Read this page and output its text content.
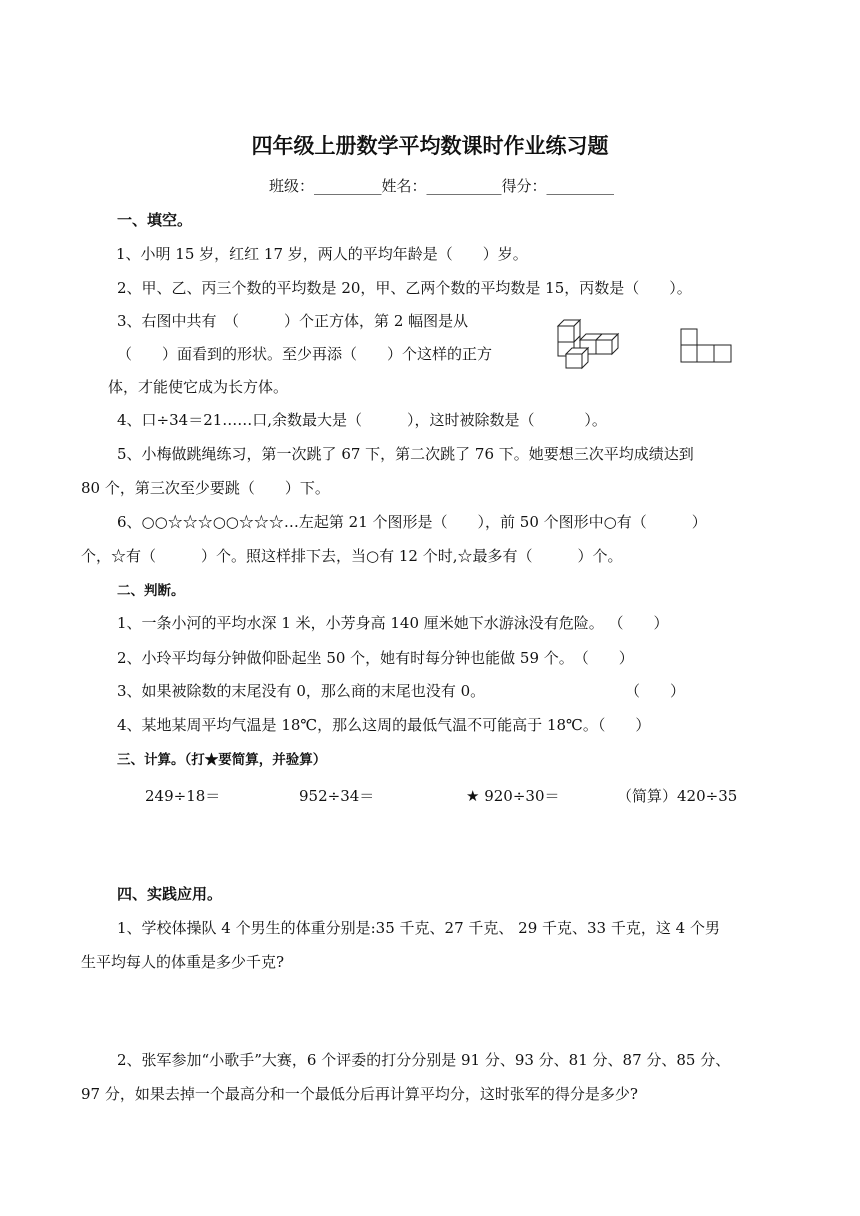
四年级上册数学平均数课时作业练习题
班级：_________姓名：__________得分：_________
一、填空。
1、小明 15 岁，红红 17 岁，两人的平均年龄是（　　）岁。
2、甲、乙、丙三个数的平均数是 20，甲、乙两个数的平均数是 15，丙数是（　　）。
3、右图中共有　（　　　）个正方体，第 2 幅图是从
（　　）面看到的形状。至少再添（　　）个这样的正方
体，才能使它成为长方体。
4、口÷34＝21……口,余数最大是（　　　），这时被除数是（　　　 ）。
5、小梅做跳绳练习，第一次跳了 67 下，第二次跳了 76 下。她要想三次平均成绩达到
80 个，第三次至少要跳（　　）下。
6、○○☆☆☆○○☆☆☆…左起第 21 个图形是（　　），前 50 个图形中○有（　　　）
个，☆有（　　　）个。照这样排下去，当○有 12 个时,☆最多有（　　　）个。
二、判断。
1、一条小河的平均水深 1 米，小芳身高 140 厘米她下水游泳没有危险。 （　　）
2、小玲平均每分钟做仰卧起坐 50 个，她有时每分钟也能做 59 个。　（　　）
3、如果被除数的末尾没有 0，那么商的末尾也没有 0。	（　　）
4、某地某周平均气温是 18℃，那么这周的最低气温不可能高于 18℃。（　　）
三、计算。（打★要简算，并验算）
249÷18＝	952÷34＝	★ 920÷30＝	（简算）420÷35
四、实践应用。
1、学校体操队 4 个男生的体重分别是:35 千克、27 千克、 29 千克、33 千克，这 4 个男
生平均每人的体重是多少千克?
2、张军参加“小歌手”大赛，6 个评委的打分分别是 91 分、93 分、81 分、87 分、85 分、
97 分，如果去掉一个最高分和一个最低分后再计算平均分，这时张军的得分是多少?
